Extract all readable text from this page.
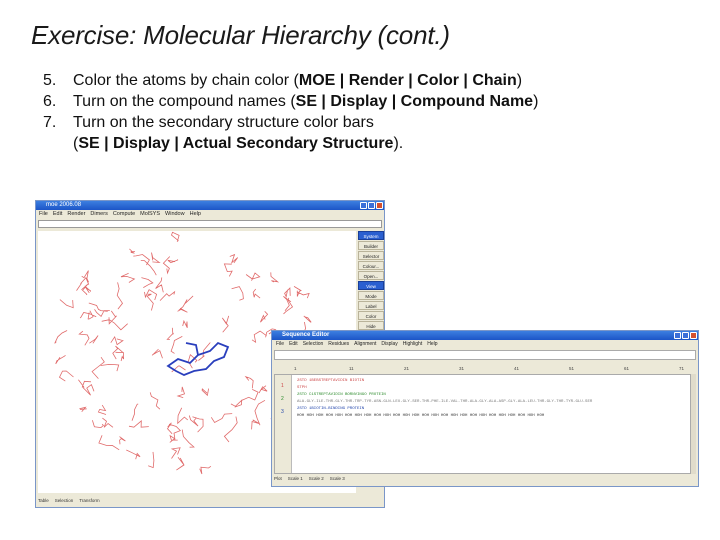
Exercise: Molecular Hierarchy (cont.)
5.	Color the atoms by chain color (MOE | Render | Color | Chain)
6.	Turn on the compound names (SE | Display | Compound Name)
7.	Turn on the secondary structure color bars
(SE | Display | Actual Secondary Structure).
moe 2006.08
File Edit Render Dimers Compute MolSYS Window Help
System
Builder
Selector
Colour...
Open...
View
Mode
Label
Color
Hide
Table Selection Transform
Sequence Editor
File Edit Selection Residues Alignment Display Highlight Help
1	11	21	31	41	51	61	71
1
2
3
2STD 1BEBSTREPTAVIDIN BIOTIN
STPH
2STD C1STREPTAVIDIN BORNVINGO PROTEIN
ALA-GLY-ILE-THR-GLY-THR-TRP-TYR-ASN-GLN-LEU-GLY-SER-THR-PHE-ILE-VAL-THR-ALA-GLY-ALA-ASP-GLY-ALA-LEU-THR-GLY-THR-TYR-GLU-SER
2STD 1BIOTIN-BINDING PROTEIN
HOH HOH HOH HOH HOH HOH HOH HOH HOH HOH HOH HOH HOH HOH HOH HOH HOH HOH HOH HOH HOH HOH HOH HOH HOH HOH
Plot Scale 1 Scale 2 Scale 3
